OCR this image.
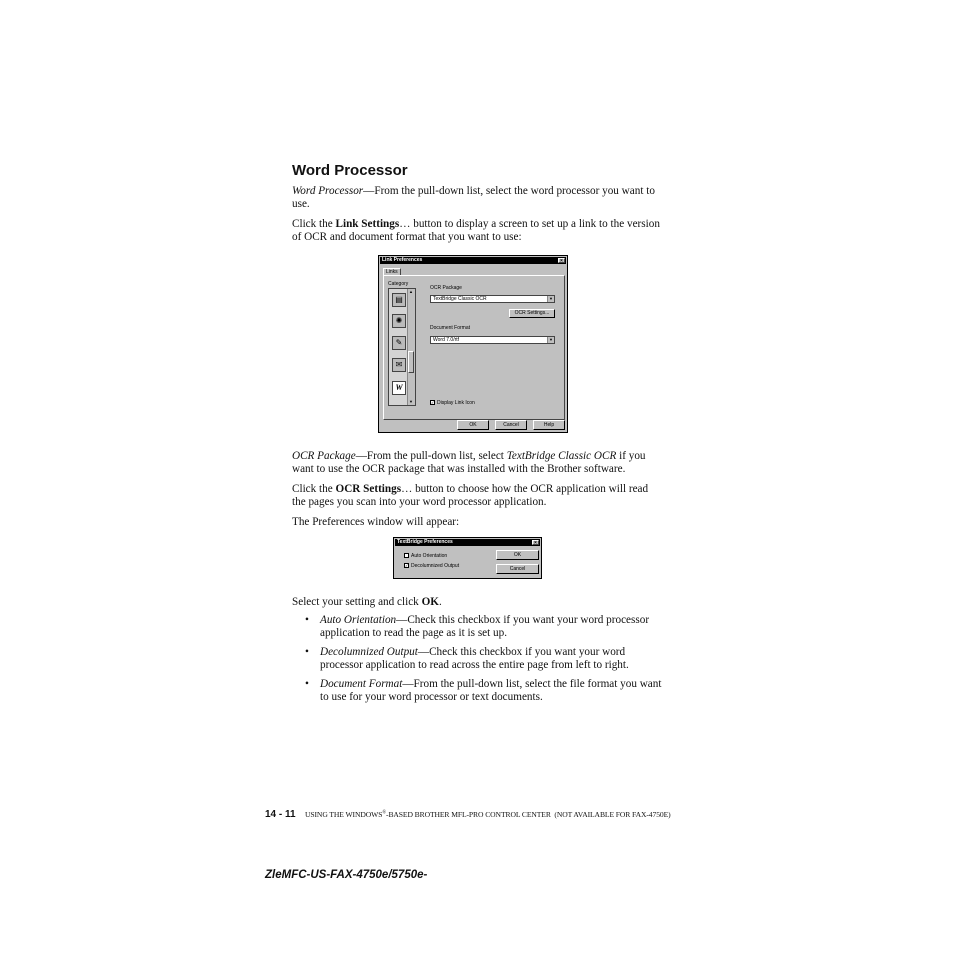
Word Processor
Word Processor—From the pull-down list, select the word processor you want to use.
Click the Link Settings… button to display a screen to set up a link to the version of OCR and document format that you want to use:
Link Preferences	×
Links
Category
▤
✺
✎
✉
W
▲
▼
OCR Package
TextBridge Classic OCR	▼
OCR Settings...
Document Format
Word 7.0/rtf	▼
✓ Display Link Icon
OK	Cancel	Help
OCR Package—From the pull-down list, select TextBridge Classic OCR if you want to use the OCR package that was installed with the Brother software.
Click the OCR Settings… button to choose how the OCR application will read the pages you scan into your word processor application.
The Preferences window will appear:
TextBridge Preferences	×
Auto Orientation
✓ Decolumnized Output
OK
Cancel
Select your setting and click OK.
• Auto Orientation—Check this checkbox if you want your word processor application to read the page as it is set up.
• Decolumnized Output—Check this checkbox if you want your word processor application to read across the entire page from left to right.
• Document Format—From the pull-down list, select the file format you want to use for your word processor or text documents.
14 - 11 USING THE WINDOWS®-BASED BROTHER MFL-PRO CONTROL CENTER (NOT AVAILABLE FOR FAX-4750E)
ZleMFC-US-FAX-4750e/5750e-
